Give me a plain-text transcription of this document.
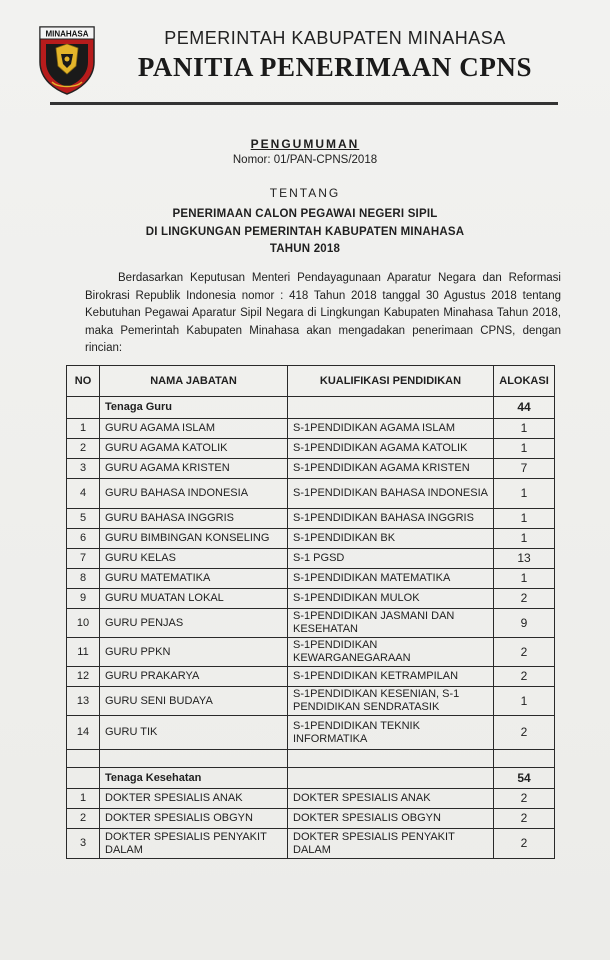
MINAHASA	PEMERINTAH KABUPATEN MINAHASA
PANITIA PENERIMAAN CPNS
PENGUMUMAN
Nomor: 01/PAN-CPNS/2018
TENTANG
PENERIMAAN CALON PEGAWAI NEGERI SIPIL
DI LINGKUNGAN PEMERINTAH KABUPATEN MINAHASA
TAHUN 2018
Berdasarkan Keputusan Menteri Pendayagunaan Aparatur Negara dan Reformasi Birokrasi Republik Indonesia nomor : 418 Tahun 2018 tanggal 30 Agustus 2018 tentang Kebutuhan Pegawai Aparatur Sipil Negara di Lingkungan Kabupaten Minahasa Tahun 2018, maka Pemerintah Kabupaten Minahasa akan mengadakan penerimaan CPNS, dengan rincian:
NO	NAMA JABATAN	KUALIFIKASI PENDIDIKAN	ALOKASI
	Tenaga Guru		44
1	GURU AGAMA ISLAM	S-1PENDIDIKAN AGAMA ISLAM	1
2	GURU AGAMA KATOLIK	S-1PENDIDIKAN AGAMA KATOLIK	1
3	GURU AGAMA KRISTEN	S-1PENDIDIKAN AGAMA KRISTEN	7
4	GURU BAHASA INDONESIA	S-1PENDIDIKAN BAHASA INDONESIA	1
5	GURU BAHASA INGGRIS	S-1PENDIDIKAN BAHASA INGGRIS	1
6	GURU BIMBINGAN KONSELING	S-1PENDIDIKAN BK	1
7	GURU KELAS	S-1 PGSD	13
8	GURU MATEMATIKA	S-1PENDIDIKAN MATEMATIKA	1
9	GURU MUATAN LOKAL	S-1PENDIDIKAN MULOK	2
10	GURU PENJAS	S-1PENDIDIKAN JASMANI DAN KESEHATAN	9
11	GURU PPKN	S-1PENDIDIKAN KEWARGANEGARAAN	2
12	GURU PRAKARYA	S-1PENDIDIKAN KETRAMPILAN	2
13	GURU SENI BUDAYA	S-1PENDIDIKAN KESENIAN, S-1 PENDIDIKAN SENDRATASIK	1
14	GURU TIK	S-1PENDIDIKAN TEKNIK INFORMATIKA	2

	Tenaga Kesehatan		54
1	DOKTER SPESIALIS ANAK	DOKTER SPESIALIS ANAK	2
2	DOKTER SPESIALIS OBGYN	DOKTER SPESIALIS OBGYN	2
3	DOKTER SPESIALIS PENYAKIT DALAM	DOKTER SPESIALIS PENYAKIT DALAM	2
